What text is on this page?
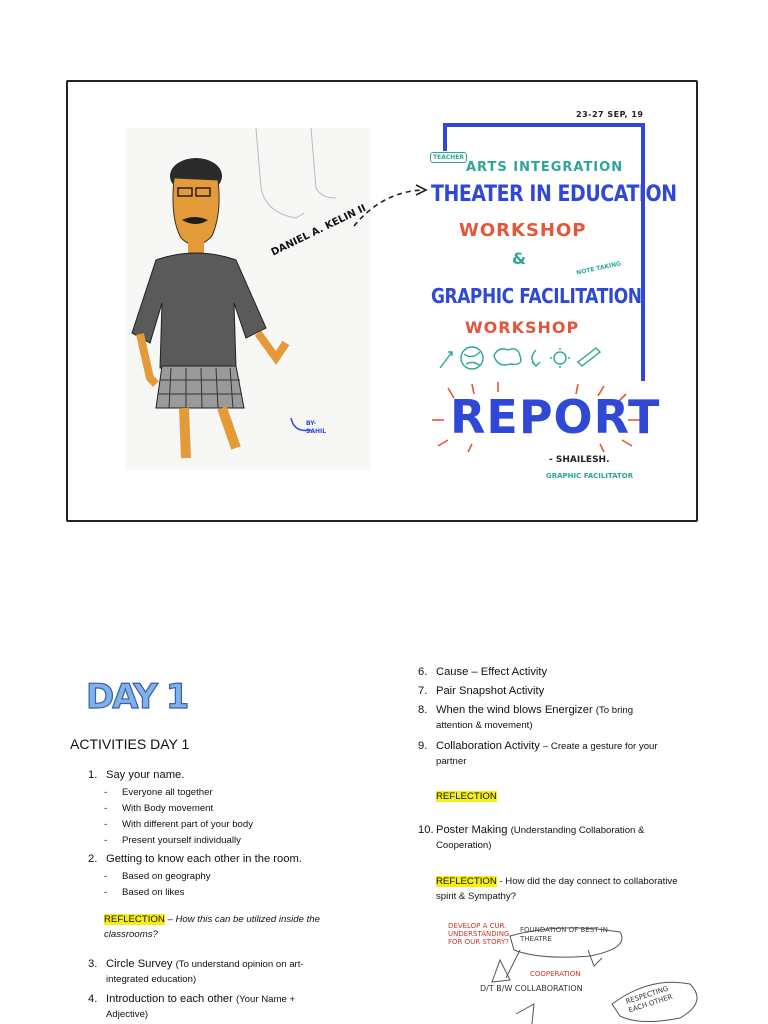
DANIEL A. KELIN II
BY-
SAHIL
23-27 SEP, 19
TEACHER
ARTS INTEGRATION
THEATER IN EDUCATION
WORKSHOP
&
NOTE TAKING
GRAPHIC FACILITATION
WORKSHOP
REPORT
- SHAILESH.
GRAPHIC FACILITATOR
DAY 1
ACTIVITIES DAY 1
1. Say your name.
- Everyone all together
- With Body movement
- With different part of your body
- Present yourself individually
2. Getting to know each other in the room.
- Based on geography
- Based on likes
REFLECTION – How this can be utilized inside the
classrooms?
3. Circle Survey (To understand opinion on art-
integrated education)
4. Introduction to each other (Your Name +
Adjective)
6. Cause – Effect Activity
7. Pair Snapshot Activity
8. When the wind blows Energizer (To bring
attention & movement)
9. Collaboration Activity – Create a gesture for your
partner
REFLECTION
10. Poster Making (Understanding Collaboration &
Cooperation)
REFLECTION - How did the day connect to collaborative
spirit & Sympathy?
DEVELOP A CUR. UNDERSTANDING FOR OUR STORY?
FOUNDATION OF BEST IN THEATRE
COOPERATION
D/T B/W COLLABORATION	RESPECTING EACH OTHER
